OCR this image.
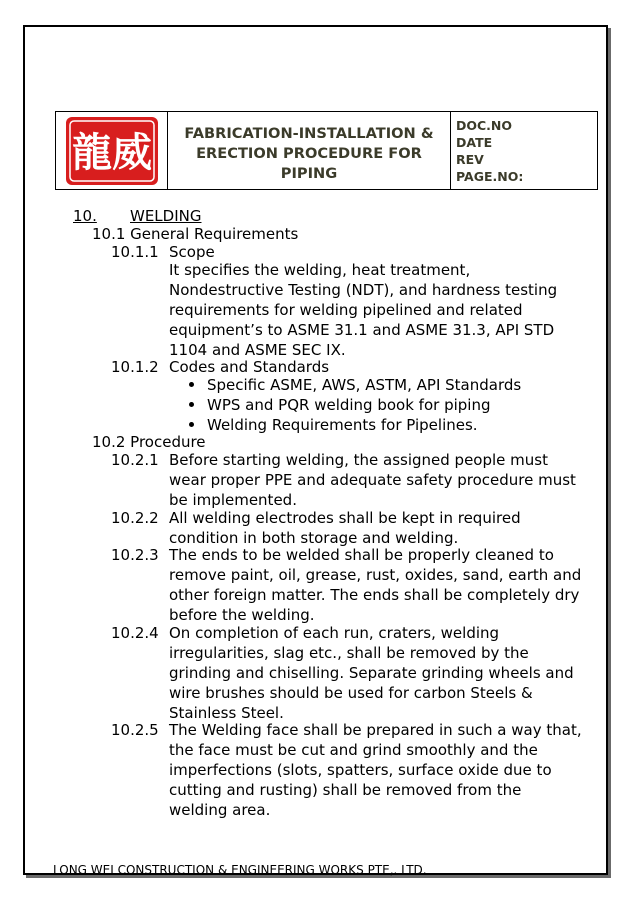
龍威 FABRICATION-INSTALLATION &
ERECTION PROCEDURE FOR
PIPING
DOC.NO
DATE
REV
PAGE.NO:
10. WELDING
10.1 General Requirements
10.1.1 Scope
It specifies the welding, heat treatment,
Nondestructive Testing (NDT), and hardness testing
requirements for welding pipelined and related
equipment’s to ASME 31.1 and ASME 31.3, API STD
1104 and ASME SEC IX.
10.1.2 Codes and Standards
Specific ASME, AWS, ASTM, API Standards
WPS and PQR welding book for piping
Welding Requirements for Pipelines.
10.2 Procedure
10.2.1 Before starting welding, the assigned people must
wear proper PPE and adequate safety procedure must
be implemented.
10.2.2 All welding electrodes shall be kept in required
condition in both storage and welding.
10.2.3 The ends to be welded shall be properly cleaned to
remove paint, oil, grease, rust, oxides, sand, earth and
other foreign matter. The ends shall be completely dry
before the welding.
10.2.4 On completion of each run, craters, welding
irregularities, slag etc., shall be removed by the
grinding and chiselling. Separate grinding wheels and
wire brushes should be used for carbon Steels &
Stainless Steel.
10.2.5 The Welding face shall be prepared in such a way that,
the face must be cut and grind smoothly and the
imperfections (slots, spatters, surface oxide due to
cutting and rusting) shall be removed from the
welding area.
LONG WEI CONSTRUCTION & ENGINEERING WORKS PTE,. LTD.
